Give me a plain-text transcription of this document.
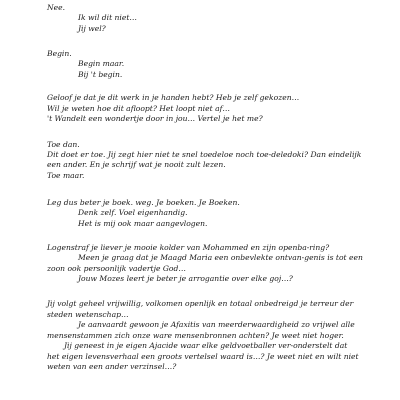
Nee.

Ik wil dit niet…

Jij wel?

Begin.

Begin maar.

Bij 't begin.

Geloof je dat je dit werk in je handen hebt? Heb je zelf gekozen…

Wil je weten hoe dit afloopt? Het loopt niet af…

't Wandelt een wondertje door in jou… Vertel je het me?

Toe dan.

Dit doet er toe. Jij zegt hier niet te snel toedeloe noch toe-deledoki? Dan eindelijk

een ander. En je schrijf wat je nooit zult lezen.

Toe maar.

Leg dus beter je boek. weg. Je boeken. Je Boeken.

Denk zelf. Voel eigenhandig.

Het is mij ook maar aangevlogen.

Logenstraf je liever je mooie kolder van Mohammed en zijn openba-ring?

Meen je graag dat je Maagd Maria een onbevlekte ontvan-genis is tot een

zoon ook persoonlijk vadertje God…

Jouw Mozes leert je beter je arroganti​e over elke goj…?

Jij volgt geheel vrijwillig, volkomen openlijk en totaal onbedreigd je terreur der

steden wetenschap…

Je aanvaardt gewoon je Afaxitis van meerderwaardigheid zo vrijwel alle

mensenstammen zich onze ware mensenbronnen achten? Je weet niet hoger.

Jij geneest in je eigen Ajacide waar elke geldvoetballer ver-onderstelt dat

het eigen levensverhaal een groots vertelsel waard is…? Je weet niet en wilt niet

weten van een ander verzinsel…?
